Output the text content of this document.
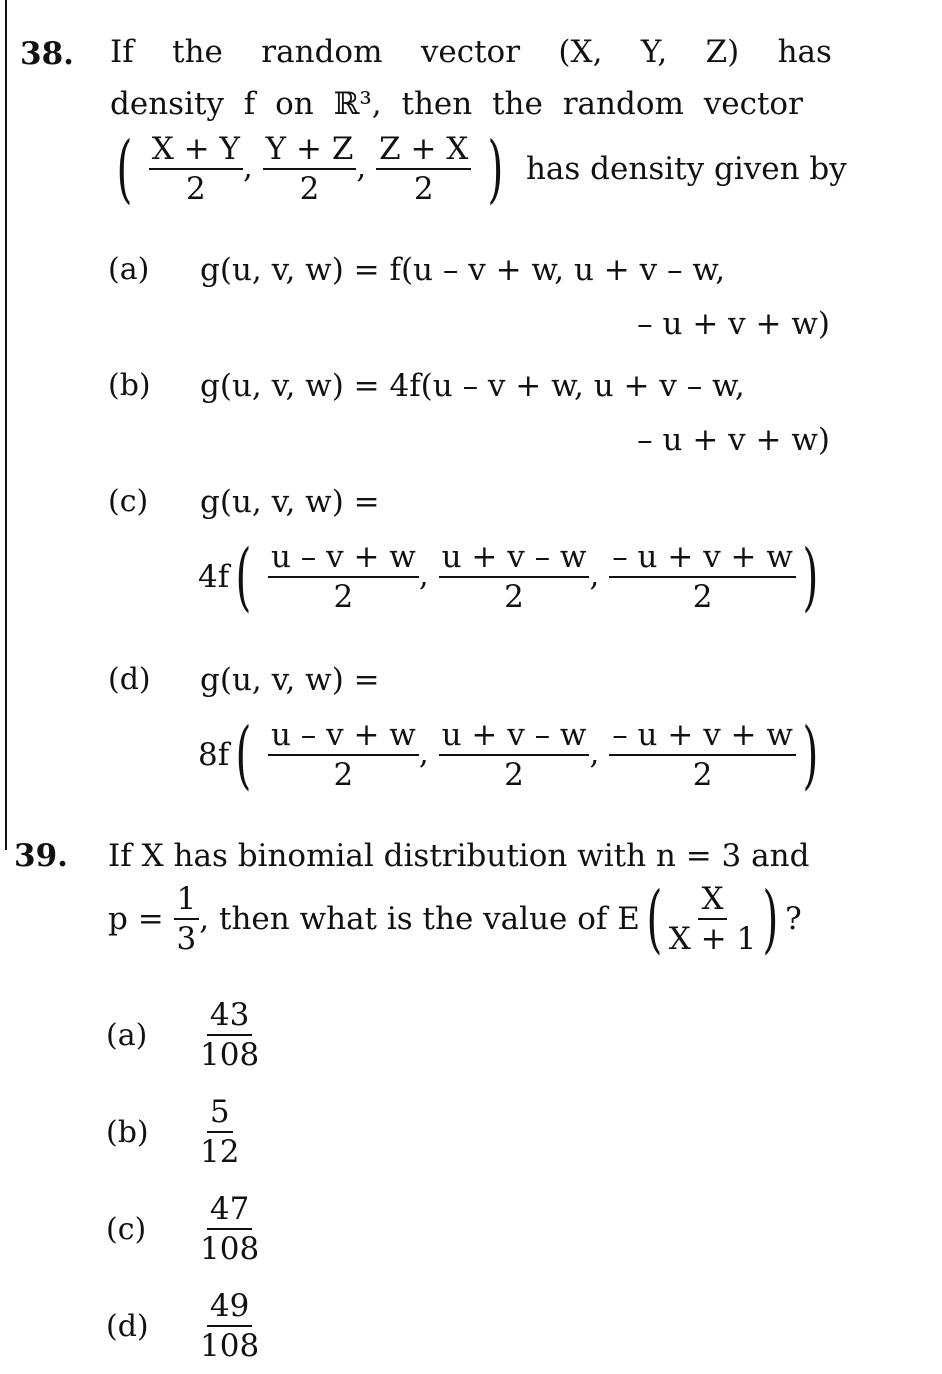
38. If the random vector (X, Y, Z) has
density f on ℝ³, then the random vector
( $\frac{X + Y}{2}$ , $\frac{Y + Z}{2}$ , $\frac{Z + X}{2}$ ) has density given by
(a) g(u, v, w) = f(u – v + w, u + v – w,
– u + v + w)
(b) g(u, v, w) = 4f(u – v + w, u + v – w,
– u + v + w)
(c) g(u, v, w) =
$4f( \frac{u - v + w}{2}$ , $\frac{u + v - w}{2}$ , $\frac{- u + v + w}{2}$ )
(d) g(u, v, w) =
$8f( \frac{u - v + w}{2}$ , $\frac{u + v - w}{2}$ , $\frac{- u + v + w}{2}$ )
39. If X has binomial distribution with n = 3 and
$p = \frac{1}{3}$ , then what is the value of $E( \frac{X}{X + 1}$ ) ?
$(a) \frac{43}{108}$
$(b) \frac{5}{12}$
$(c) \frac{47}{108}$
$(d) \frac{49}{108}$
